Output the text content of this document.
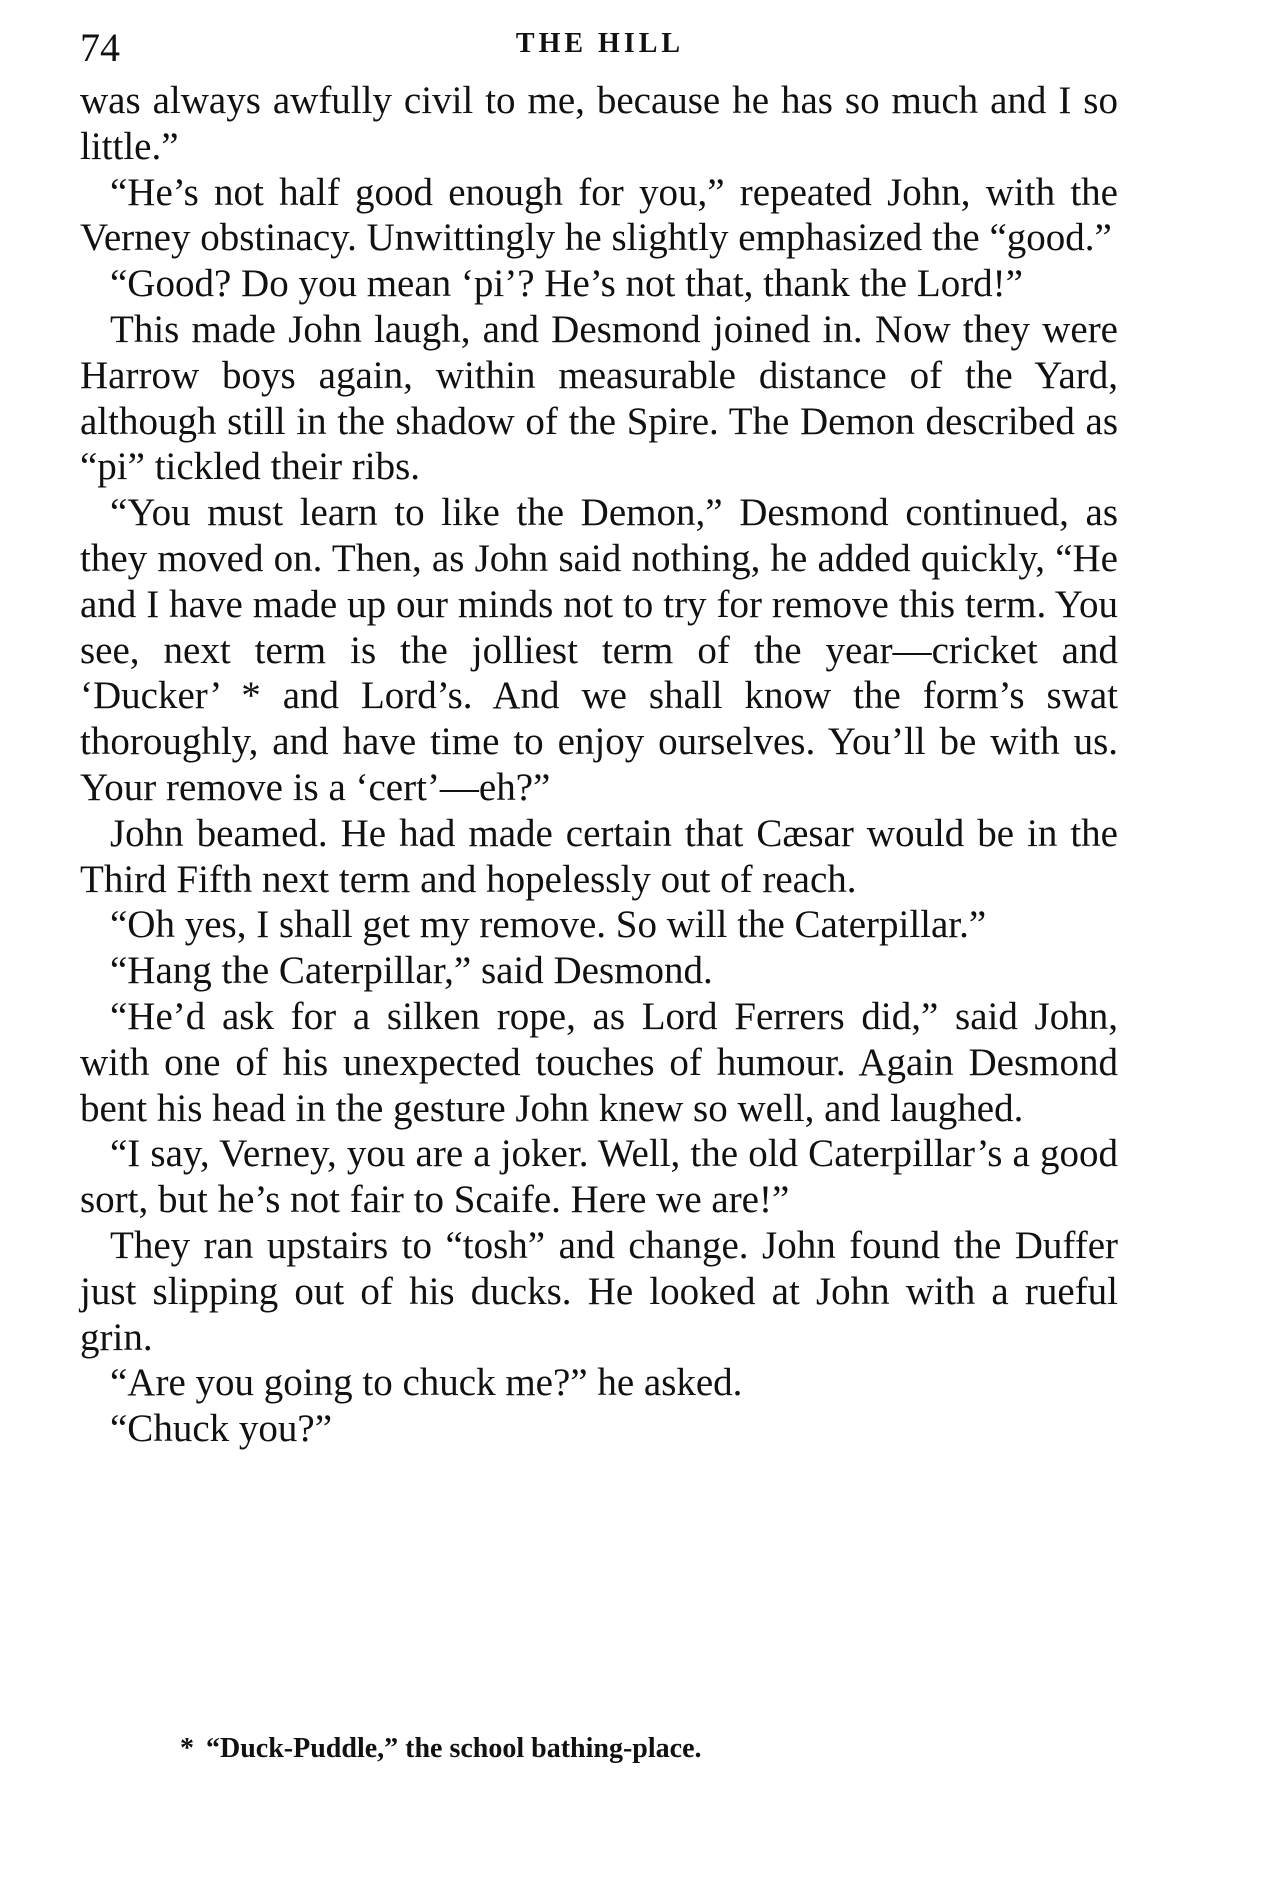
74	THE HILL

was always awfully civil to me, because he has so much and I so little.”

“He’s not half good enough for you,” repeated John, with the Verney obstinacy. Unwittingly he slightly emphasized the “good.”

“Good? Do you mean ‘pi’? He’s not that, thank the Lord!”

This made John laugh, and Desmond joined in. Now they were Harrow boys again, within measurable distance of the Yard, although still in the shadow of the Spire. The Demon described as “pi” tickled their ribs.

“You must learn to like the Demon,” Desmond continued, as they moved on. Then, as John said nothing, he added quickly, “He and I have made up our minds not to try for remove this term. You see, next term is the jolliest term of the year—cricket and ‘Ducker’ * and Lord’s. And we shall know the form’s swat thoroughly, and have time to enjoy ourselves. You’ll be with us. Your remove is a ‘cert’—eh?”

John beamed. He had made certain that Cæsar would be in the Third Fifth next term and hopelessly out of reach.

“Oh yes, I shall get my remove. So will the Caterpillar.”

“Hang the Caterpillar,” said Desmond.

“He’d ask for a silken rope, as Lord Ferrers did,” said John, with one of his unexpected touches of humour. Again Desmond bent his head in the gesture John knew so well, and laughed.

“I say, Verney, you are a joker. Well, the old Caterpillar’s a good sort, but he’s not fair to Scaife. Here we are!”

They ran upstairs to “tosh” and change. John found the Duffer just slipping out of his ducks. He looked at John with a rueful grin.

“Are you going to chuck me?” he asked.

“Chuck you?”

* “Duck-Puddle,” the school bathing-place.
